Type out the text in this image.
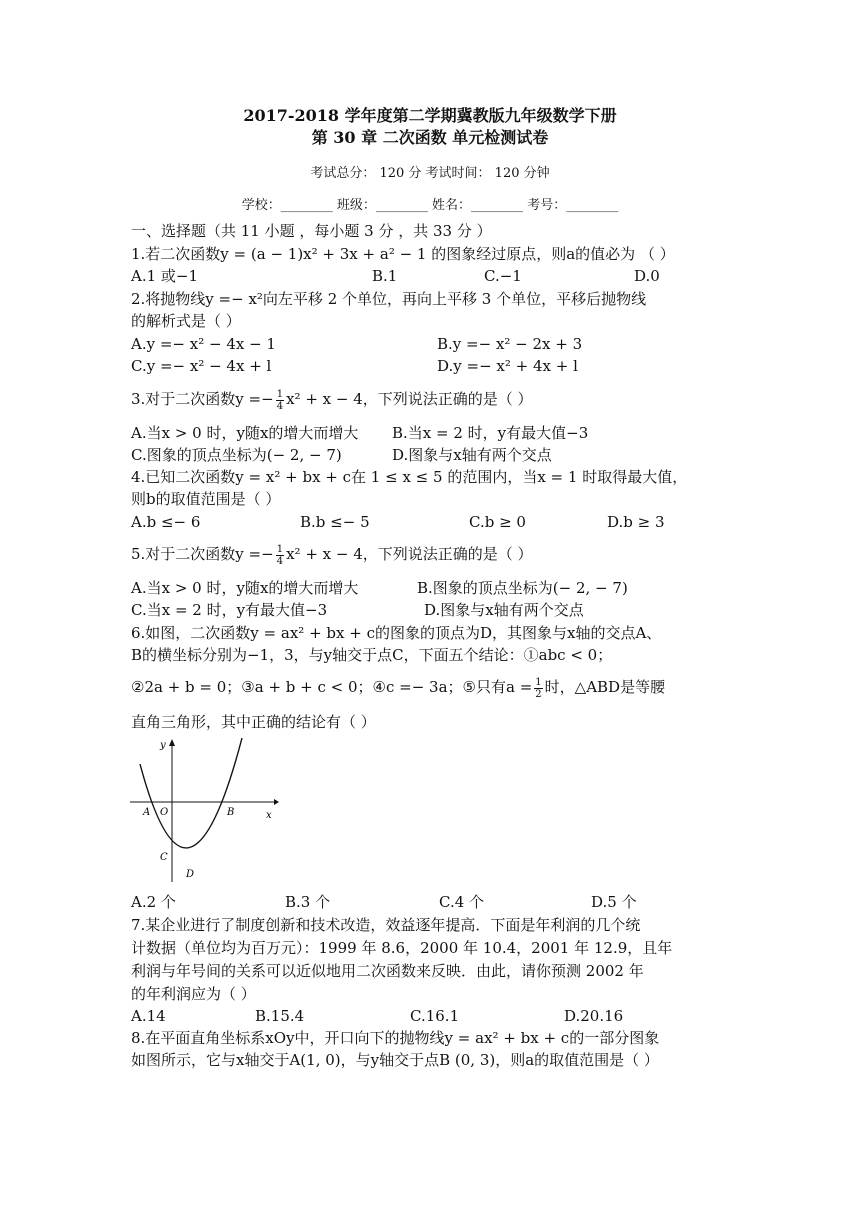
2017-2018 学年度第二学期冀教版九年级数学下册
第 30 章 二次函数 单元检测试卷
考试总分： 120 分 考试时间： 120 分钟
学校：________ 班级：________ 姓名：________ 考号：________
一、选择题（共 11 小题 ，每小题 3 分 ，共 33 分 ）
1.若二次函数y = (a − 1)x² + 3x + a² − 1 的图象经过原点，则a的值必为 （ ）
A.1 或−1	B.1	C.−1	D.0
2.将抛物线y =− x²向左平移 2 个单位，再向上平移 3 个单位，平移后抛物线
的解析式是（ ）
A.y =− x² − 4x − 1	B.y =− x² − 2x + 3
C.y =− x² − 4x + l	D.y =− x² + 4x + l
3.对于二次函数$y =- \frac{1}{4} x^2 + x - 4$，下列说法正确的是（ ）
A.当x > 0 时，y随x的增大而增大 B.当x = 2 时，y有最大值−3
C.图象的顶点坐标为(− 2, − 7)	D.图象与x轴有两个交点
4.已知二次函数y = x² + bx + c在 1 ≤ x ≤ 5 的范围内，当x = 1 时取得最大值，
则b的取值范围是（ ）
A.b ≤− 6	B.b ≤− 5	C.b ≥ 0	D.b ≥ 3
5.对于二次函数$y =- \frac{1}{4} x^2 + x - 4$，下列说法正确的是（ ）
A.当x > 0 时，y随x的增大而增大	B.图象的顶点坐标为(− 2, − 7)
C.当x = 2 时，y有最大值−3	D.图象与x轴有两个交点
6.如图，二次函数y = ax² + bx + c的图象的顶点为D，其图象与x轴的交点A、
B的横坐标分别为−1，3，与y轴交于点C，下面五个结论：①abc < 0；
②2a + b = 0；③a + b + c < 0；④c =− 3a；⑤只有$a = \frac{1}{2}$ 时，△ABD是等腰
直角三角形，其中正确的结论有（ ）
y
x
A O	B
C
D
A.2 个	B.3 个	C.4 个	D.5 个
7.某企业进行了制度创新和技术改造，效益逐年提高．下面是年利润的几个统
计数据（单位均为百万元）：1999 年 8.6，2000 年 10.4，2001 年 12.9，且年
利润与年号间的关系可以近似地用二次函数来反映．由此，请你预测 2002 年
的年利润应为（ ）
A.14	B.15.4	C.16.1	D.20.16
8.在平面直角坐标系xOy中，开口向下的抛物线y = ax² + bx + c的一部分图象
如图所示，它与x轴交于A(1, 0)，与y轴交于点B (0, 3)，则a的取值范围是（ ）
